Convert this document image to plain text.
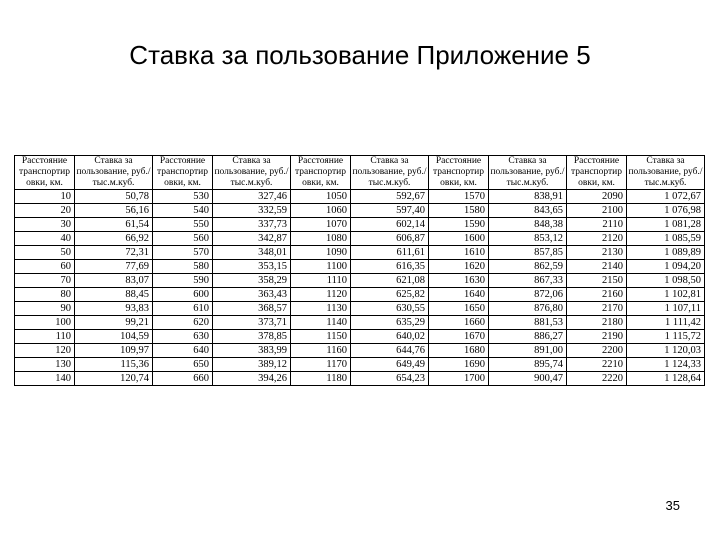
Ставка за пользование Приложение 5
Расстояние транспортир овки, км.	Ставка за пользование, руб./тыс.м.куб.	Расстояние транспортир овки, км.	Ставка за пользование, руб./тыс.м.куб.	Расстояние транспортир овки, км.	Ставка за пользование, руб./тыс.м.куб.	Расстояние транспортир овки, км.	Ставка за пользование, руб./тыс.м.куб.	Расстояние транспортир овки, км.	Ставка за пользование, руб./тыс.м.куб.
10	50,78	530	327,46	1050	592,67	1570	838,91	2090	1 072,67
20	56,16	540	332,59	1060	597,40	1580	843,65	2100	1 076,98
30	61,54	550	337,73	1070	602,14	1590	848,38	2110	1 081,28
40	66,92	560	342,87	1080	606,87	1600	853,12	2120	1 085,59
50	72,31	570	348,01	1090	611,61	1610	857,85	2130	1 089,89
60	77,69	580	353,15	1100	616,35	1620	862,59	2140	1 094,20
70	83,07	590	358,29	1110	621,08	1630	867,33	2150	1 098,50
80	88,45	600	363,43	1120	625,82	1640	872,06	2160	1 102,81
90	93,83	610	368,57	1130	630,55	1650	876,80	2170	1 107,11
100	99,21	620	373,71	1140	635,29	1660	881,53	2180	1 111,42
110	104,59	630	378,85	1150	640,02	1670	886,27	2190	1 115,72
120	109,97	640	383,99	1160	644,76	1680	891,00	2200	1 120,03
130	115,36	650	389,12	1170	649,49	1690	895,74	2210	1 124,33
140	120,74	660	394,26	1180	654,23	1700	900,47	2220	1 128,64
35
